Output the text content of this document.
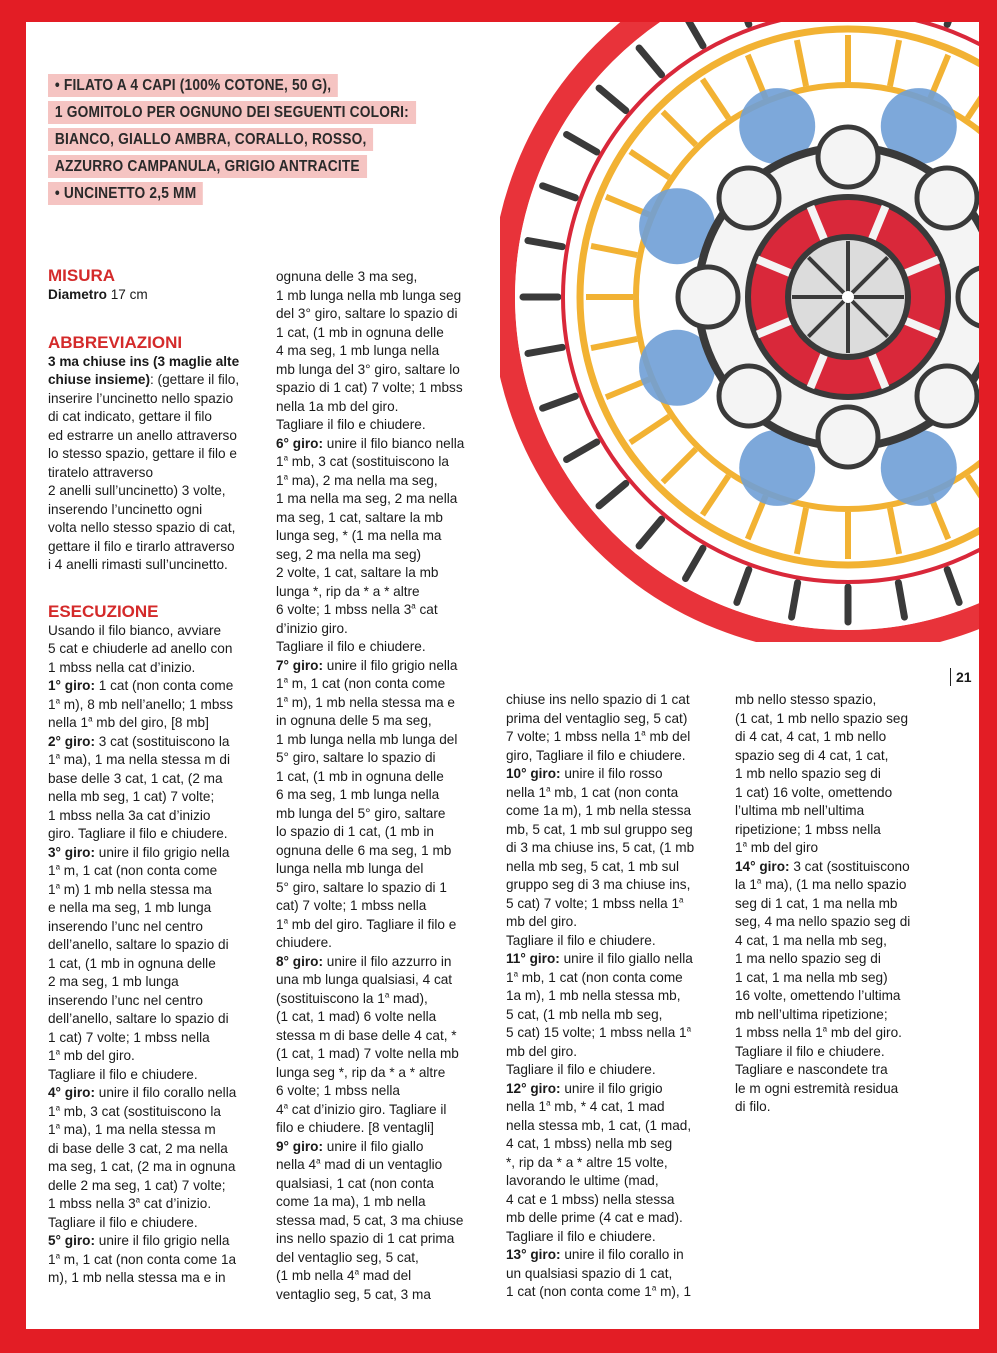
• FILATO A 4 CAPI (100% COTONE, 50 G),
1 GOMITOLO PER OGNUNO DEI SEGUENTI COLORI:
BIANCO, GIALLO AMBRA, CORALLO, ROSSO,
AZZURRO CAMPANULA, GRIGIO ANTRACITE
• UNCINETTO 2,5 MM
MISURA
Diametro 17 cm
ABBREVIAZIONI
3 ma chiuse ins (3 maglie alte
chiuse insieme): (gettare il filo,
inserire l’uncinetto nello spazio
di cat indicato, gettare il filo
ed estrarre un anello attraverso
lo stesso spazio, gettare il filo e
tiratelo attraverso
2 anelli sull’uncinetto) 3 volte,
inserendo l’uncinetto ogni
volta nello stesso spazio di cat,
gettare il filo e tirarlo attraverso
i 4 anelli rimasti sull’uncinetto.
ESECUZIONE
Usando il filo bianco, avviare
5 cat e chiuderle ad anello con
1 mbss nella cat d’inizio.
1° giro: 1 cat (non conta come
1$^a$ m), 8 mb nell’anello; 1 mbss
nella 1$^a$ mb del giro, [8 mb]
2° giro: 3 cat (sostituiscono la
1$^a$ ma), 1 ma nella stessa m di
base delle 3 cat, 1 cat, (2 ma
nella mb seg, 1 cat) 7 volte;
1 mbss nella 3a cat d’inizio
giro. Tagliare il filo e chiudere.
3° giro: unire il filo grigio nella
1$^a$ m, 1 cat (non conta come
1$^a$ m) 1 mb nella stessa ma
e nella ma seg, 1 mb lunga
inserendo l’unc nel centro
dell’anello, saltare lo spazio di
1 cat, (1 mb in ognuna delle
2 ma seg, 1 mb lunga
inserendo l’unc nel centro
dell’anello, saltare lo spazio di
1 cat) 7 volte; 1 mbss nella
1$^a$ mb del giro.
Tagliare il filo e chiudere.
4° giro: unire il filo corallo nella
1$^a$ mb, 3 cat (sostituiscono la
1$^a$ ma), 1 ma nella stessa m
di base delle 3 cat, 2 ma nella
ma seg, 1 cat, (2 ma in ognuna
delle 2 ma seg, 1 cat) 7 volte;
1 mbss nella 3$^a$ cat d’inizio.
Tagliare il filo e chiudere.
5° giro: unire il filo grigio nella
1$^a$ m, 1 cat (non conta come 1a
m), 1 mb nella stessa ma e in
ognuna delle 3 ma seg,
1 mb lunga nella mb lunga seg
del 3° giro, saltare lo spazio di
1 cat, (1 mb in ognuna delle
4 ma seg, 1 mb lunga nella
mb lunga del 3° giro, saltare lo
spazio di 1 cat) 7 volte; 1 mbss
nella 1a mb del giro.
Tagliare il filo e chiudere.
6° giro: unire il filo bianco nella
1$^a$ mb, 3 cat (sostituiscono la
1$^a$ ma), 2 ma nella ma seg,
1 ma nella ma seg, 2 ma nella
ma seg, 1 cat, saltare la mb
lunga seg, * (1 ma nella ma
seg, 2 ma nella ma seg)
2 volte, 1 cat, saltare la mb
lunga *, rip da * a * altre
6 volte; 1 mbss nella 3$^a$ cat
d’inizio giro.
Tagliare il filo e chiudere.
7° giro: unire il filo grigio nella
1$^a$ m, 1 cat (non conta come
1$^a$ m), 1 mb nella stessa ma e
in ognuna delle 5 ma seg,
1 mb lunga nella mb lunga del
5° giro, saltare lo spazio di
1 cat, (1 mb in ognuna delle
6 ma seg, 1 mb lunga nella
mb lunga del 5° giro, saltare
lo spazio di 1 cat, (1 mb in
ognuna delle 6 ma seg, 1 mb
lunga nella mb lunga del
5° giro, saltare lo spazio di 1
cat) 7 volte; 1 mbss nella
1$^a$ mb del giro. Tagliare il filo e
chiudere.
8° giro: unire il filo azzurro in
una mb lunga qualsiasi, 4 cat
(sostituiscono la 1$^a$ mad),
(1 cat, 1 mad) 6 volte nella
stessa m di base delle 4 cat, *
(1 cat, 1 mad) 7 volte nella mb
lunga seg *, rip da * a * altre
6 volte; 1 mbss nella
4$^a$ cat d’inizio giro. Tagliare il
filo e chiudere. [8 ventagli]
9° giro: unire il filo giallo
nella 4$^a$ mad di un ventaglio
qualsiasi, 1 cat (non conta
come 1a ma), 1 mb nella
stessa mad, 5 cat, 3 ma chiuse
ins nello spazio di 1 cat prima
del ventaglio seg, 5 cat,
(1 mb nella 4$^a$ mad del
ventaglio seg, 5 cat, 3 ma
chiuse ins nello spazio di 1 cat
prima del ventaglio seg, 5 cat)
7 volte; 1 mbss nella 1$^a$ mb del
giro, Tagliare il filo e chiudere.
10° giro: unire il filo rosso
nella 1$^a$ mb, 1 cat (non conta
come 1a m), 1 mb nella stessa
mb, 5 cat, 1 mb sul gruppo seg
di 3 ma chiuse ins, 5 cat, (1 mb
nella mb seg, 5 cat, 1 mb sul
gruppo seg di 3 ma chiuse ins,
5 cat) 7 volte; 1 mbss nella 1$^a$
mb del giro.
Tagliare il filo e chiudere.
11° giro: unire il filo giallo nella
1$^a$ mb, 1 cat (non conta come
1a m), 1 mb nella stessa mb,
5 cat, (1 mb nella mb seg,
5 cat) 15 volte; 1 mbss nella 1$^a$
mb del giro.
Tagliare il filo e chiudere.
12° giro: unire il filo grigio
nella 1$^a$ mb, * 4 cat, 1 mad
nella stessa mb, 1 cat, (1 mad,
4 cat, 1 mbss) nella mb seg
*, rip da * a * altre 15 volte,
lavorando le ultime (mad,
4 cat e 1 mbss) nella stessa
mb delle prime (4 cat e mad).
Tagliare il filo e chiudere.
13° giro: unire il filo corallo in
un qualsiasi spazio di 1 cat,
1 cat (non conta come 1$^a$ m), 1
mb nello stesso spazio,
(1 cat, 1 mb nello spazio seg
di 4 cat, 4 cat, 1 mb nello
spazio seg di 4 cat, 1 cat,
1 mb nello spazio seg di
1 cat) 16 volte, omettendo
l’ultima mb nell’ultima
ripetizione; 1 mbss nella
1$^a$ mb del giro
14° giro: 3 cat (sostituiscono
la 1$^a$ ma), (1 ma nello spazio
seg di 1 cat, 1 ma nella mb
seg, 4 ma nello spazio seg di
4 cat, 1 ma nella mb seg,
1 ma nello spazio seg di
1 cat, 1 ma nella mb seg)
16 volte, omettendo l’ultima
mb nell’ultima ripetizione;
1 mbss nella 1$^a$ mb del giro.
Tagliare il filo e chiudere.
Tagliare e nascondete tra
le m ogni estremità residua
di filo.
21
